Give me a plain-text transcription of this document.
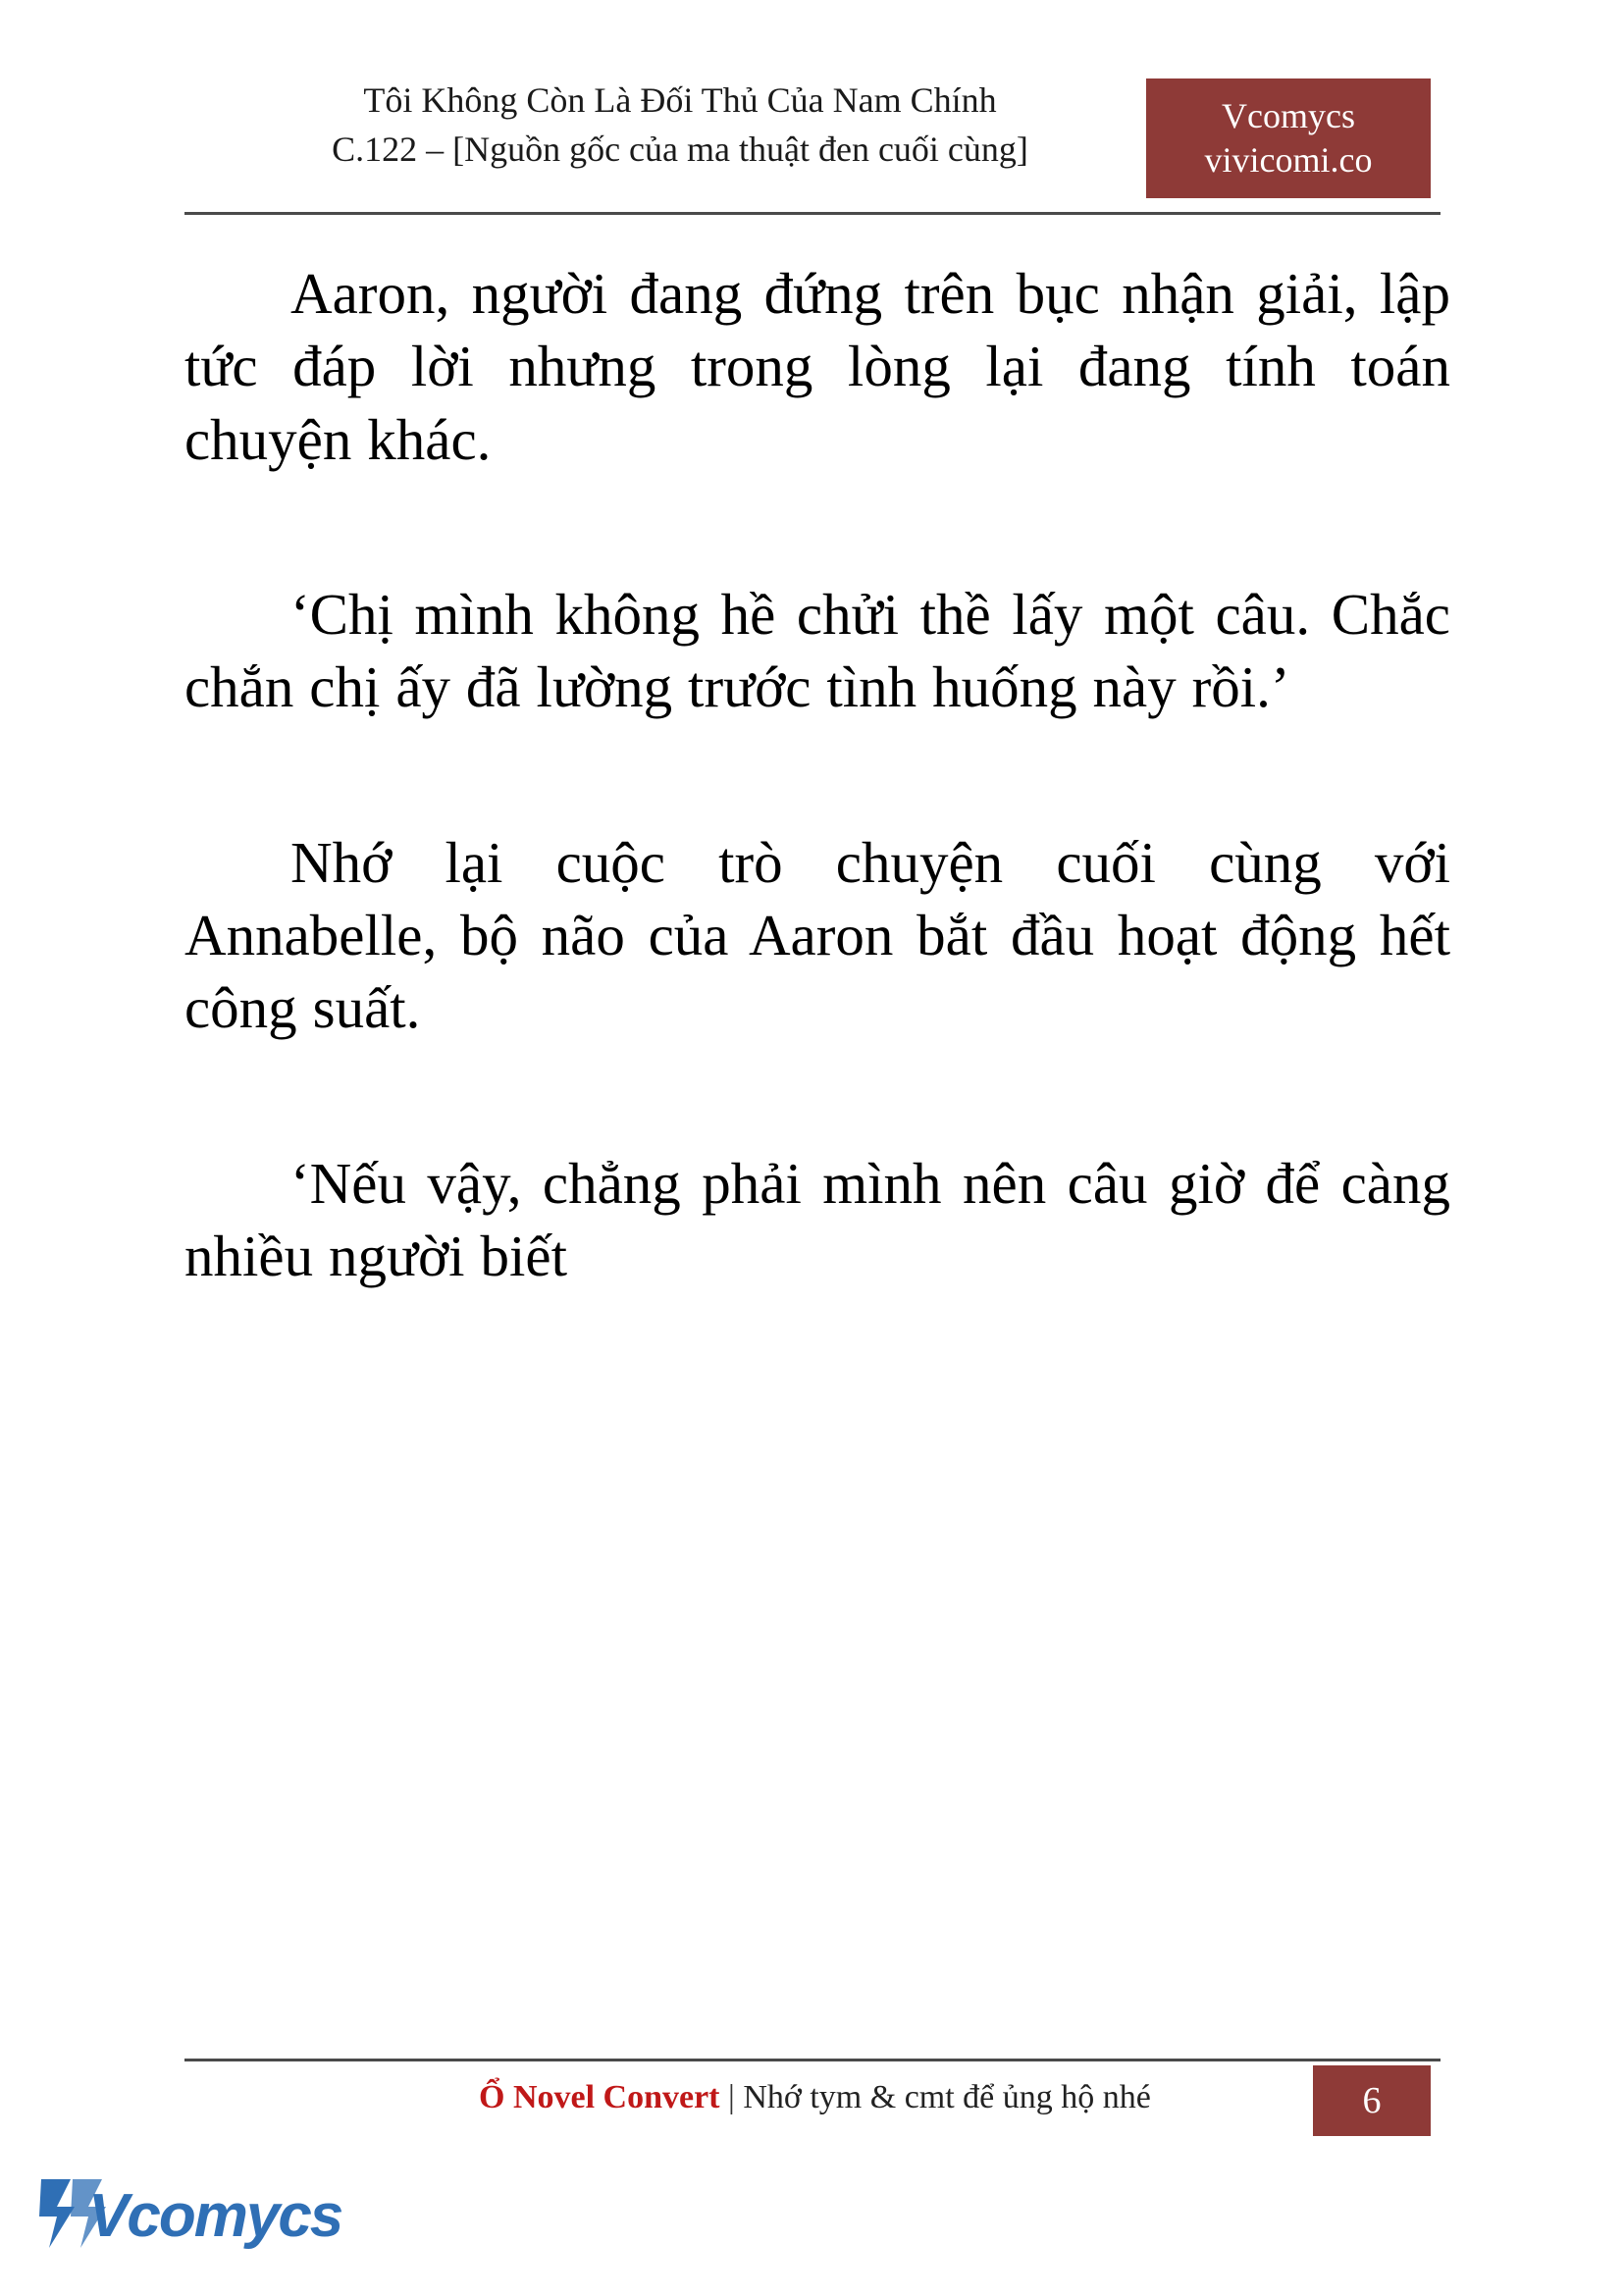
Tôi Không Còn Là Đối Thủ Của Nam Chính
C.122 – [Nguồn gốc của ma thuật đen cuối cùng]
Vcomycs
vivicomi.co

Aaron, người đang đứng trên bục nhận giải, lập tức đáp lời nhưng trong lòng lại đang tính toán chuyện khác.

‘Chị mình không hề chửi thề lấy một câu. Chắc chắn chị ấy đã lường trước tình huống này rồi.’

Nhớ lại cuộc trò chuyện cuối cùng với Annabelle, bộ não của Aaron bắt đầu hoạt động hết công suất.

‘Nếu vậy, chẳng phải mình nên câu giờ để càng nhiều người biết

Ổ Novel Convert | Nhớ tym & cmt để ủng hộ nhé	6
Vcomycs
